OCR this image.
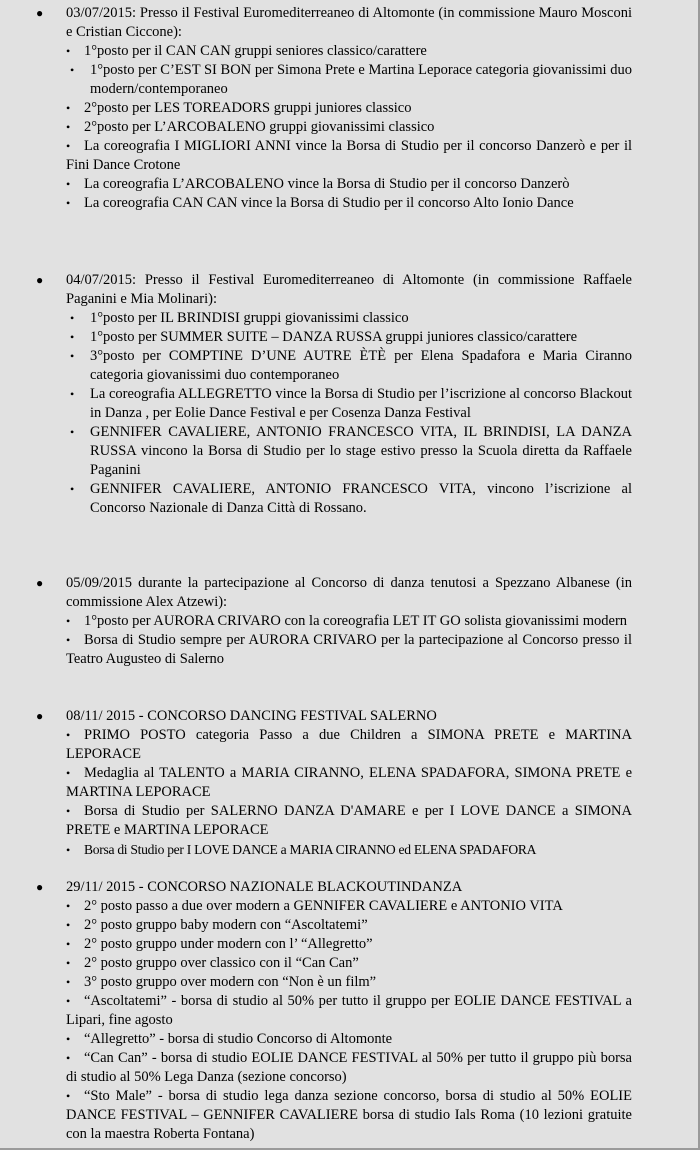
● 03/07/2015: Presso il Festival Euromediterreaneo di Altomonte (in commissione Mauro Mosconi e Cristian Ciccone):

• 1°posto per il CAN CAN gruppi seniores classico/carattere

• 1°posto per C’EST SI BON per Simona Prete e Martina Leporace categoria giovanissimi duo modern/contemporaneo

• 2°posto per LES TOREADORS gruppi juniores classico

• 2°posto per L’ARCOBALENO gruppi giovanissimi classico

• La coreografia I MIGLIORI ANNI vince la Borsa di Studio per il concorso Danzerò e per il Fini Dance Crotone

• La coreografia L’ARCOBALENO vince la Borsa di Studio per il concorso Danzerò

• La coreografia CAN CAN vince la Borsa di Studio per il concorso Alto Ionio Dance

● 04/07/2015: Presso il Festival Euromediterreaneo di Altomonte (in commissione Raffaele Paganini e Mia Molinari):

• 1°posto per IL BRINDISI gruppi giovanissimi classico

• 1°posto per SUMMER SUITE – DANZA RUSSA gruppi juniores classico/carattere

• 3°posto per COMPTINE D’UNE AUTRE ÈTÈ per Elena Spadafora e Maria Ciranno categoria giovanissimi duo contemporaneo

• La coreografia ALLEGRETTO vince la Borsa di Studio per l’iscrizione al concorso Blackout in Danza , per Eolie Dance Festival e per Cosenza Danza Festival

• GENNIFER CAVALIERE, ANTONIO FRANCESCO VITA, IL BRINDISI, LA DANZA RUSSA vincono la Borsa di Studio per lo stage estivo presso la Scuola diretta da Raffaele Paganini

• GENNIFER CAVALIERE, ANTONIO FRANCESCO VITA, vincono l’iscrizione al Concorso Nazionale di Danza Città di Rossano.

● 05/09/2015 durante la partecipazione al Concorso di danza tenutosi a Spezzano Albanese (in commissione Alex Atzewi):

• 1°posto per AURORA CRIVARO con la coreografia LET IT GO solista giovanissimi modern

• Borsa di Studio sempre per AURORA CRIVARO per la partecipazione al Concorso presso il Teatro Augusteo di Salerno

● 08/11/ 2015 - CONCORSO DANCING FESTIVAL SALERNO

• PRIMO POSTO categoria Passo a due Children a SIMONA PRETE e MARTINA LEPORACE

• Medaglia al TALENTO a MARIA CIRANNO, ELENA SPADAFORA, SIMONA PRETE e MARTINA LEPORACE

• Borsa di Studio per SALERNO DANZA D'AMARE e per I LOVE DANCE a SIMONA PRETE e MARTINA LEPORACE

• Borsa di Studio per I LOVE DANCE a MARIA CIRANNO ed ELENA SPADAFORA

● 29/11/ 2015 - CONCORSO NAZIONALE BLACKOUTINDANZA

• 2° posto passo a due over modern a GENNIFER CAVALIERE e ANTONIO VITA

• 2° posto gruppo baby modern con “Ascoltatemi”

• 2° posto gruppo under modern con l’ “Allegretto”

• 2° posto gruppo over classico con il “Can Can”

• 3° posto gruppo over modern con “Non è un film”

• “Ascoltatemi” - borsa di studio al 50% per tutto il gruppo per EOLIE DANCE FESTIVAL a Lipari, fine agosto

• “Allegretto” - borsa di studio Concorso di Altomonte

• “Can Can” - borsa di studio EOLIE DANCE FESTIVAL al 50% per tutto il gruppo più borsa di studio al 50% Lega Danza (sezione concorso)

• “Sto Male” - borsa di studio lega danza sezione concorso, borsa di studio al 50% EOLIE DANCE FESTIVAL – GENNIFER CAVALIERE borsa di studio Ials Roma (10 lezioni gratuite con la maestra Roberta Fontana)
